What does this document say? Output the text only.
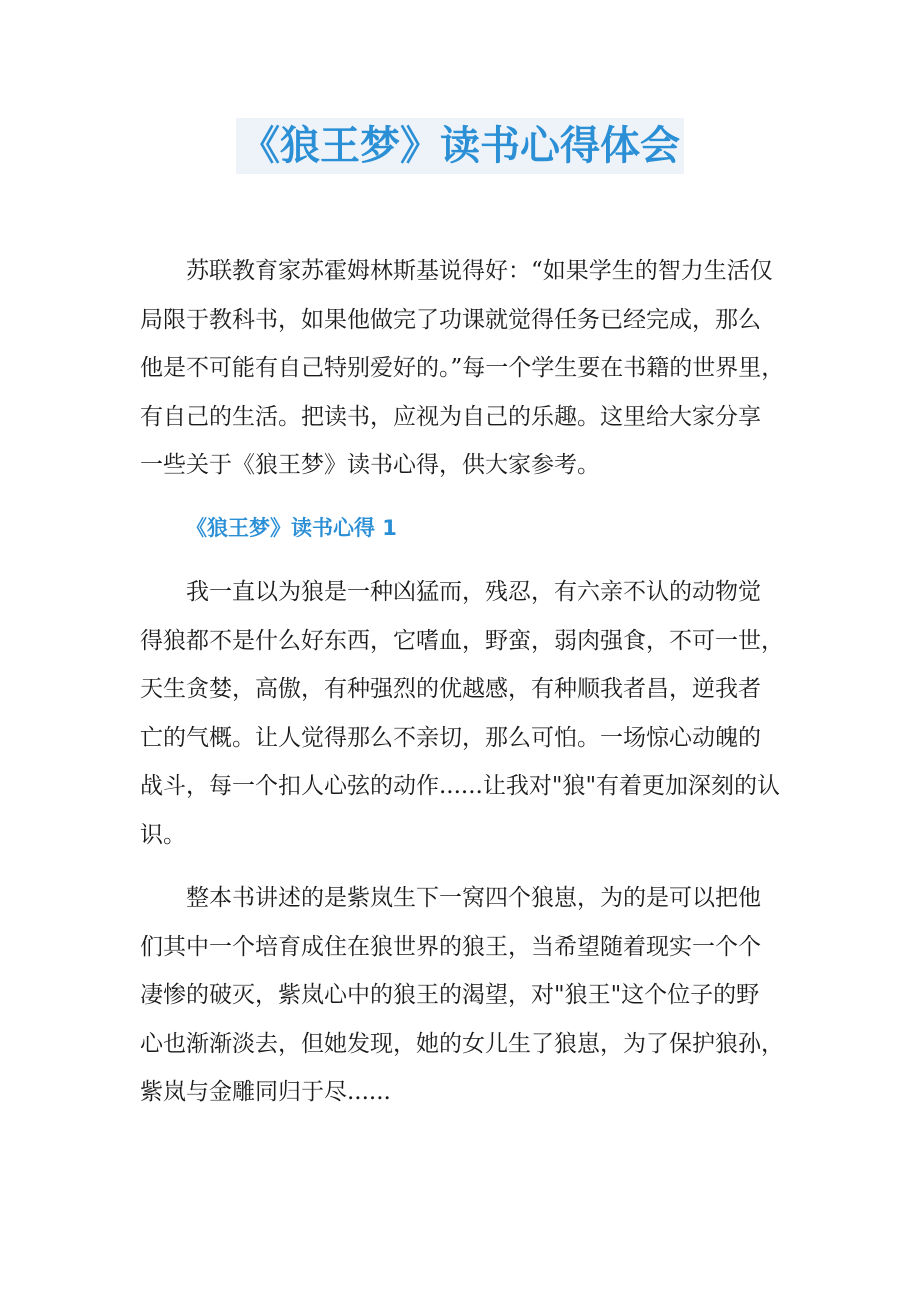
《狼王梦》读书心得体会

苏联教育家苏霍姆林斯基说得好：“如果学生的智力生活仅
局限于教科书，如果他做完了功课就觉得任务已经完成，那么
他是不可能有自己特别爱好的。”每一个学生要在书籍的世界里，
有自己的生活。把读书，应视为自己的乐趣。这里给大家分享
一些关于《狼王梦》读书心得，供大家参考。

《狼王梦》读书心得 1

我一直以为狼是一种凶猛而，残忍，有六亲不认的动物觉
得狼都不是什么好东西，它嗜血，野蛮，弱肉强食，不可一世，
天生贪婪，高傲，有种强烈的优越感，有种顺我者昌，逆我者
亡的气概。让人觉得那么不亲切，那么可怕。一场惊心动魄的
战斗，每一个扣人心弦的动作......让我对"狼"有着更加深刻的认
识。

整本书讲述的是紫岚生下一窝四个狼崽，为的是可以把他
们其中一个培育成住在狼世界的狼王，当希望随着现实一个个
凄惨的破灭，紫岚心中的狼王的渴望，对"狼王"这个位子的野
心也渐渐淡去，但她发现，她的女儿生了狼崽，为了保护狼孙，
紫岚与金雕同归于尽......
